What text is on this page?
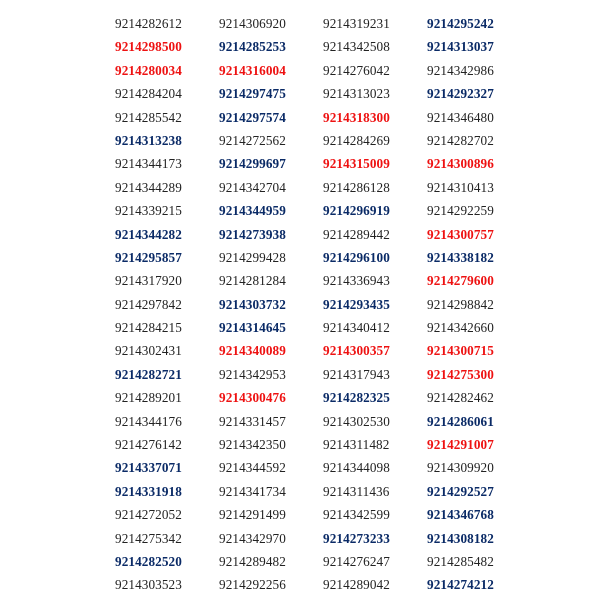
9214282612
9214298500
9214280034
9214284204
9214285542
9214313238
9214344173
9214344289
9214339215
9214344282
9214295857
9214317920
9214297842
9214284215
9214302431
9214282721
9214289201
9214344176
9214276142
9214337071
9214331918
9214272052
9214275342
9214282520
9214303523
9214306920
9214285253
9214316004
9214297475
9214297574
9214272562
9214299697
9214342704
9214344959
9214273938
9214299428
9214281284
9214303732
9214314645
9214340089
9214342953
9214300476
9214331457
9214342350
9214344592
9214341734
9214291499
9214342970
9214289482
9214292256
9214319231
9214342508
9214276042
9214313023
9214318300
9214284269
9214315009
9214286128
9214296919
9214289442
9214296100
9214336943
9214293435
9214340412
9214300357
9214317943
9214282325
9214302530
9214311482
9214344098
9214311436
9214342599
9214273233
9214276247
9214289042
9214295242
9214313037
9214342986
9214292327
9214346480
9214282702
9214300896
9214310413
9214292259
9214300757
9214338182
9214279600
9214298842
9214342660
9214300715
9214275300
9214282462
9214286061
9214291007
9214309920
9214292527
9214346768
9214308182
9214285482
9214274212
